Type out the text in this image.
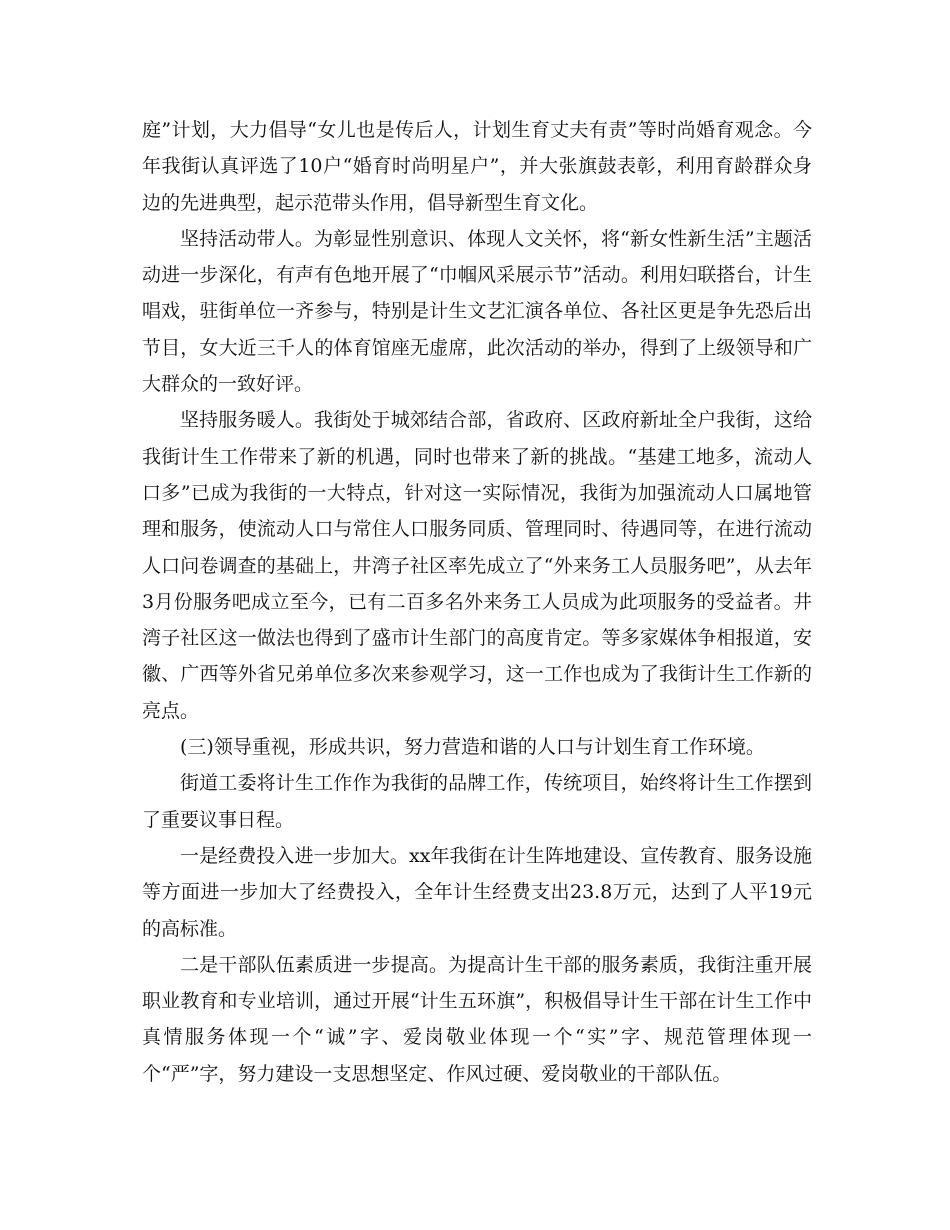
庭”计划，大力倡导“女儿也是传后人，计划生育丈夫有责”等时尚婚育观念。今年我街认真评选了10户“婚育时尚明星户”，并大张旗鼓表彰，利用育龄群众身边的先进典型，起示范带头作用，倡导新型生育文化。

坚持活动带人。为彰显性别意识、体现人文关怀，将“新女性新生活”主题活动进一步深化，有声有色地开展了“巾帼风采展示节”活动。利用妇联搭台，计生唱戏，驻街单位一齐参与，特别是计生文艺汇演各单位、各社区更是争先恐后出节目，女大近三千人的体育馆座无虚席，此次活动的举办，得到了上级领导和广大群众的一致好评。

坚持服务暖人。我街处于城郊结合部，省政府、区政府新址全户我街，这给我街计生工作带来了新的机遇，同时也带来了新的挑战。“基建工地多，流动人口多”已成为我街的一大特点，针对这一实际情况，我街为加强流动人口属地管理和服务，使流动人口与常住人口服务同质、管理同时、待遇同等，在进行流动人口问卷调查的基础上，井湾子社区率先成立了“外来务工人员服务吧”，从去年3月份服务吧成立至今，已有二百多名外来务工人员成为此项服务的受益者。井湾子社区这一做法也得到了盛市计生部门的高度肯定。等多家媒体争相报道，安徽、广西等外省兄弟单位多次来参观学习，这一工作也成为了我街计生工作新的亮点。

(三)领导重视，形成共识，努力营造和谐的人口与计划生育工作环境。

街道工委将计生工作作为我街的品牌工作，传统项目，始终将计生工作摆到了重要议事日程。

一是经费投入进一步加大。xx年我街在计生阵地建设、宣传教育、服务设施等方面进一步加大了经费投入，全年计生经费支出23.8万元，达到了人平19元的高标准。

二是干部队伍素质进一步提高。为提高计生干部的服务素质，我街注重开展职业教育和专业培训，通过开展“计生五环旗”，积极倡导计生干部在计生工作中真情服务体现一个“诚”字、爱岗敬业体现一个“实”字、规范管理体现一个“严”字，努力建设一支思想坚定、作风过硬、爱岗敬业的干部队伍。
